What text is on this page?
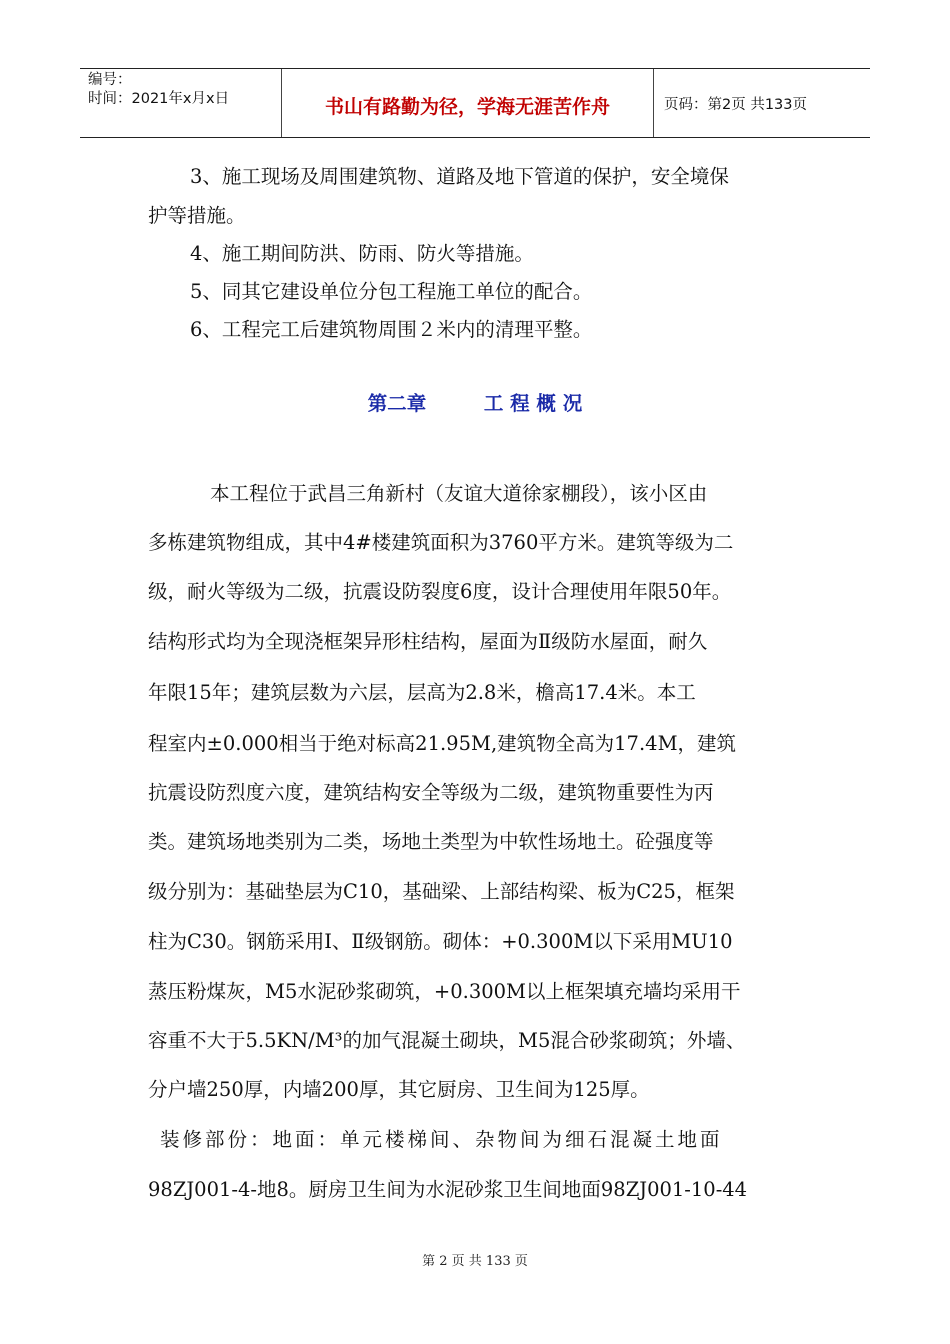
编号：
时间：2021年x月x日	书山有路勤为径，学海无涯苦作舟	页码：第2页 共133页
3、施工现场及周围建筑物、道路及地下管道的保护，安全境保
护等措施。
4、施工期间防洪、防雨、防火等措施。
5、同其它建设单位分包工程施工单位的配合。
6、工程完工后建筑物周围２米内的清理平整。
第二章	工 程 概 况
本工程位于武昌三角新村（友谊大道徐家棚段），该小区由
多栋建筑物组成，其中4#楼建筑面积为3760平方米。建筑等级为二
级，耐火等级为二级，抗震设防裂度6度，设计合理使用年限50年。
结构形式均为全现浇框架异形柱结构，屋面为Ⅱ级防水屋面，耐久
年限15年；建筑层数为六层，层高为2.8米，檐高17.4米。本工
程室内±0.000相当于绝对标高21.95M,建筑物全高为17.4M，建筑
抗震设防烈度六度，建筑结构安全等级为二级，建筑物重要性为丙
类。建筑场地类别为二类，场地土类型为中软性场地土。砼强度等
级分别为：基础垫层为C10，基础梁、上部结构梁、板为C25，框架
柱为C30。钢筋采用Ⅰ、Ⅱ级钢筋。砌体：+0.300M以下采用MU10
蒸压粉煤灰，M5水泥砂浆砌筑，+0.300M以上框架填充墙均采用干
容重不大于5.5KN/M³的加气混凝土砌块，M5混合砂浆砌筑；外墙、
分户墙250厚，内墙200厚，其它厨房、卫生间为125厚。
装修部份：地面：单元楼梯间、杂物间为细石混凝土地面
98ZJ001-4-地8。厨房卫生间为水泥砂浆卫生间地面98ZJ001-10-44
第 2 页 共 133 页
